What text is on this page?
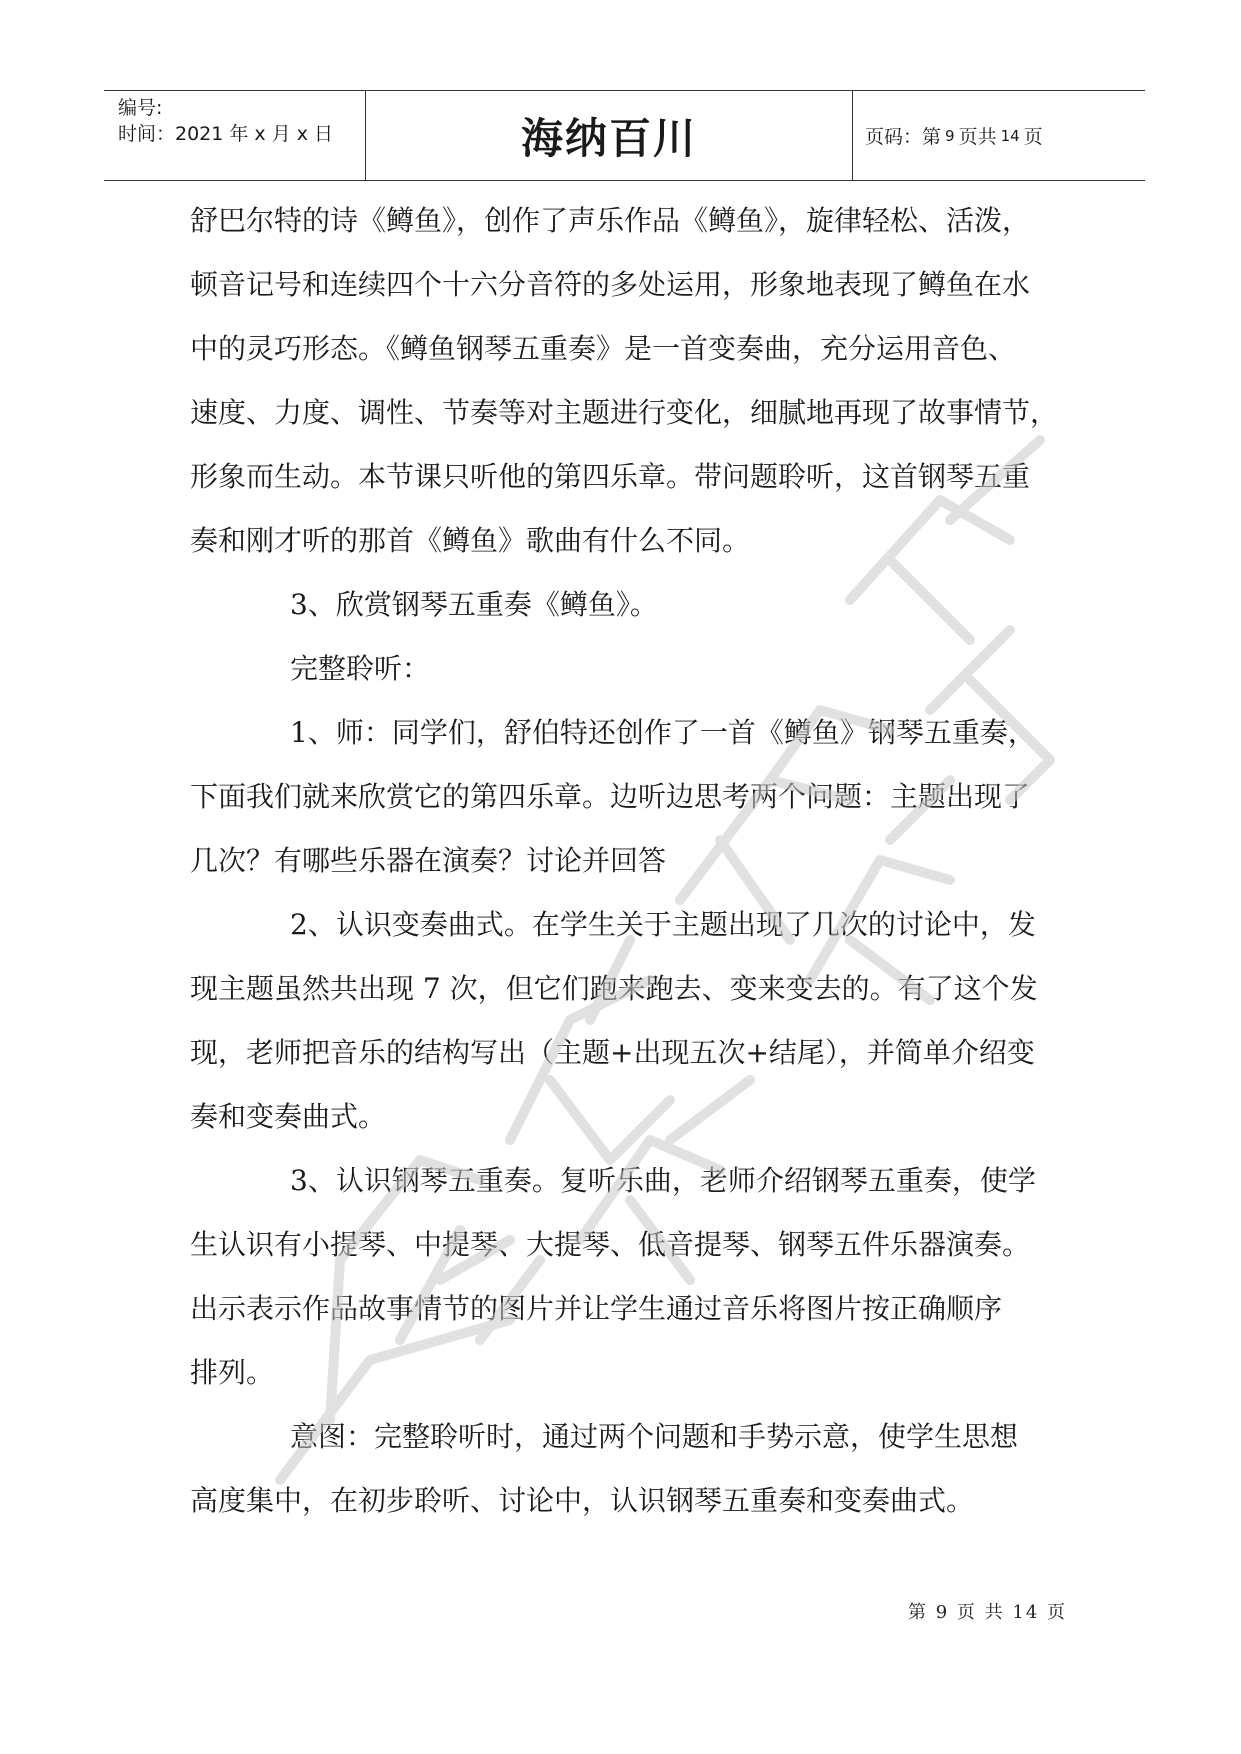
编号:
时间：2021 年 x 月 x 日	海纳百川	页码：第 9 页共 14 页

舒巴尔特的诗《鳟鱼》，创作了声乐作品《鳟鱼》，旋律轻松、活泼，

顿音记号和连续四个十六分音符的多处运用，形象地表现了鳟鱼在水

中的灵巧形态。《鳟鱼钢琴五重奏》是一首变奏曲，充分运用音色、

速度、力度、调性、节奏等对主题进行变化，细腻地再现了故事情节，

形象而生动。本节课只听他的第四乐章。带问题聆听，这首钢琴五重

奏和刚才听的那首《鳟鱼》歌曲有什么不同。

3、欣赏钢琴五重奏《鳟鱼》。

完整聆听：

1、师：同学们，舒伯特还创作了一首《鳟鱼》钢琴五重奏，

下面我们就来欣赏它的第四乐章。边听边思考两个问题：主题出现了

几次？有哪些乐器在演奏？讨论并回答

2、认识变奏曲式。在学生关于主题出现了几次的讨论中，发

现主题虽然共出现 7 次，但它们跑来跑去、变来变去的。有了这个发

现，老师把音乐的结构写出（主题+出现五次+结尾），并简单介绍变

奏和变奏曲式。

3、认识钢琴五重奏。复听乐曲，老师介绍钢琴五重奏，使学

生认识有小提琴、中提琴、大提琴、低音提琴、钢琴五件乐器演奏。

出示表示作品故事情节的图片并让学生通过音乐将图片按正确顺序

排列。

意图：完整聆听时，通过两个问题和手势示意，使学生思想

高度集中，在初步聆听、讨论中，认识钢琴五重奏和变奏曲式。

第 9 页 共 14 页
